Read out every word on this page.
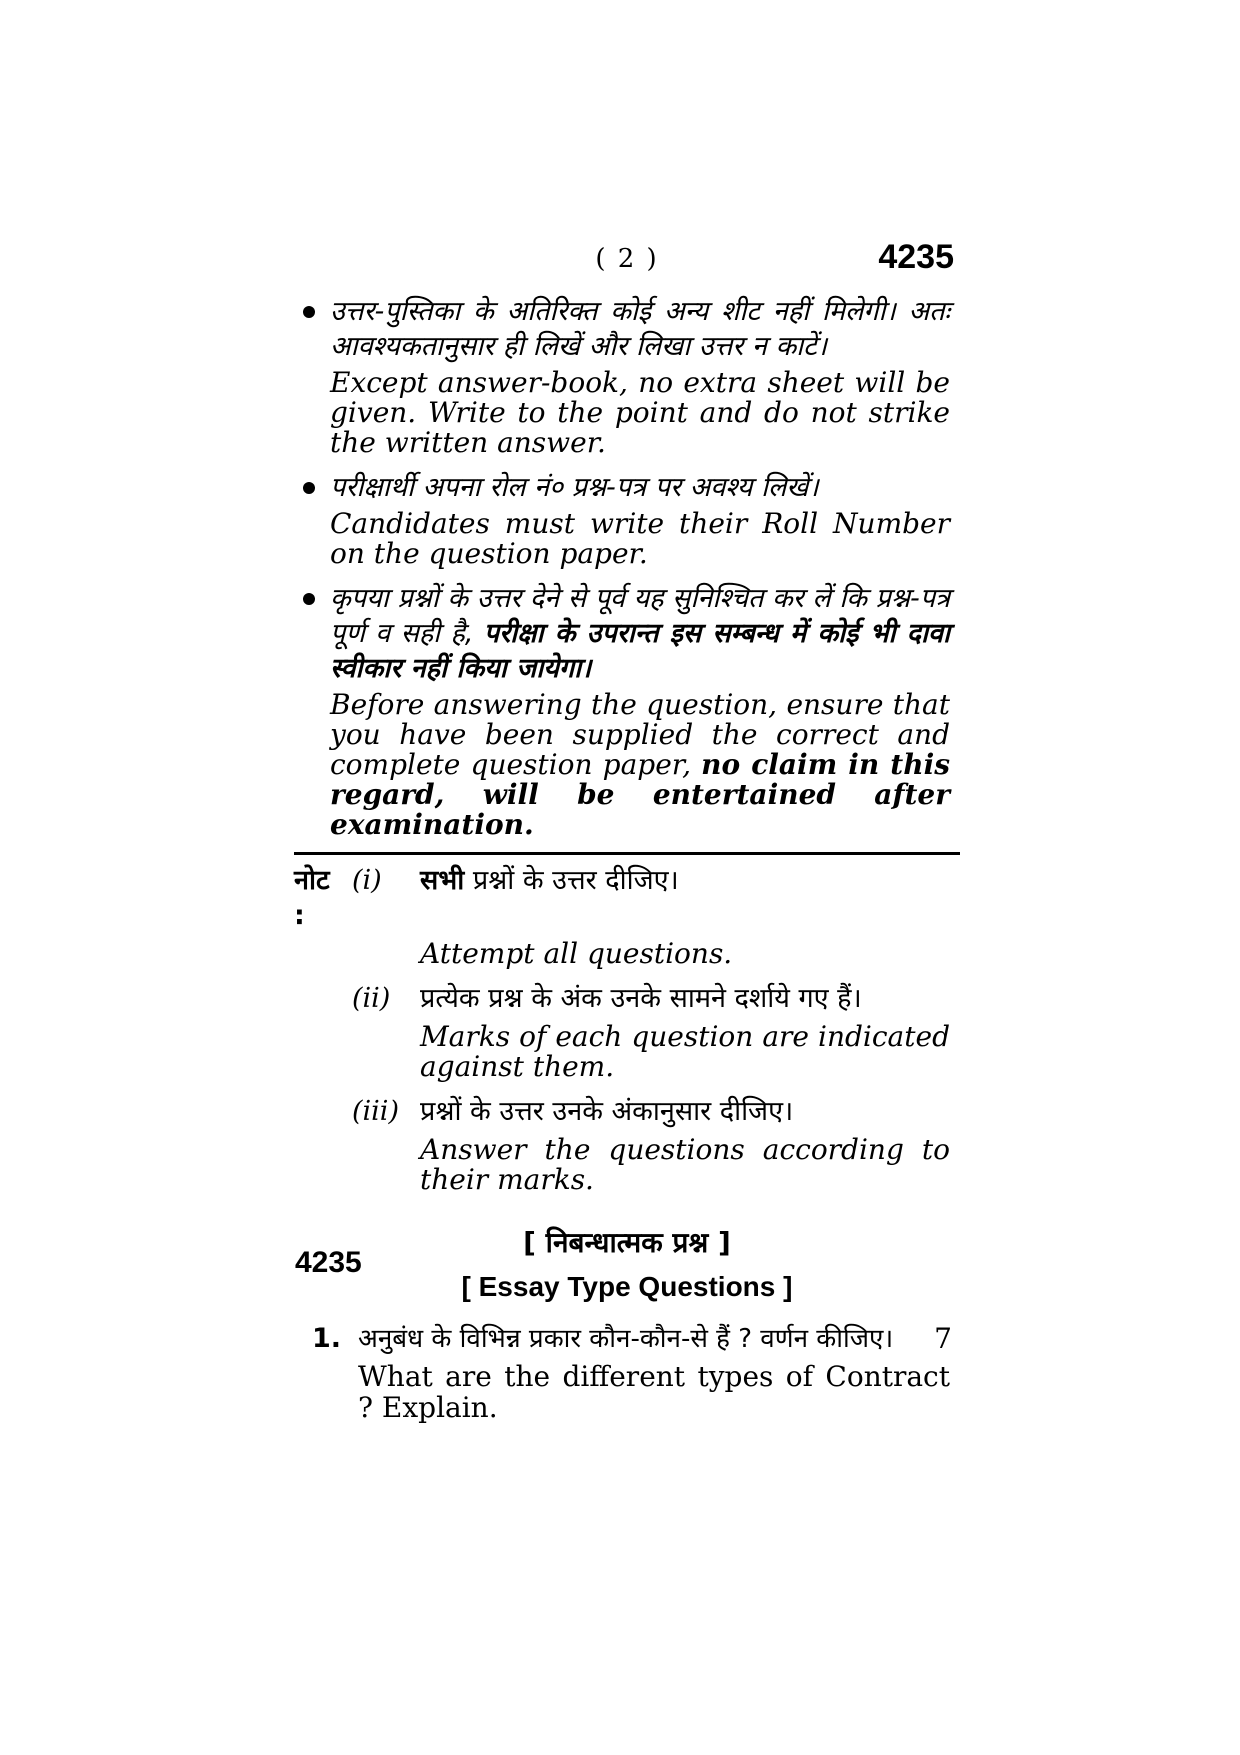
( 2 )	4235

उत्तर-पुस्तिका के अतिरिक्त कोई अन्य शीट नहीं मिलेगी। अतः आवश्यकतानुसार ही लिखें और लिखा उत्तर न काटें।

Except answer-book, no extra sheet will be given. Write to the point and do not strike the written answer.

परीक्षार्थी अपना रोल नं० प्रश्न-पत्र पर अवश्य लिखें।

Candidates must write their Roll Number on the question paper.

कृपया प्रश्नों के उत्तर देने से पूर्व यह सुनिश्चित कर लें कि प्रश्न-पत्र पूर्ण व सही है, परीक्षा के उपरान्त इस सम्बन्ध में कोई भी दावा स्वीकार नहीं किया जायेगा।

Before answering the question, ensure that you have been supplied the correct and complete question paper, no claim in this regard, will be entertained after examination.

नोट :
(i)	सभी प्रश्नों के उत्तर दीजिए।

Attempt all questions.

(ii)	प्रत्येक प्रश्न के अंक उनके सामने दर्शाये गए हैं।

Marks of each question are indicated against them.

(iii) प्रश्नों के उत्तर उनके अंकानुसार दीजिए।

Answer the questions according to their marks.

[ निबन्धात्मक प्रश्न ]
[ Essay Type Questions ]
1. अनुबंध के विभिन्न प्रकार कौन-कौन-से हैं ? वर्णन कीजिए।	7

What are the different types of Contract ? Explain.

4235
